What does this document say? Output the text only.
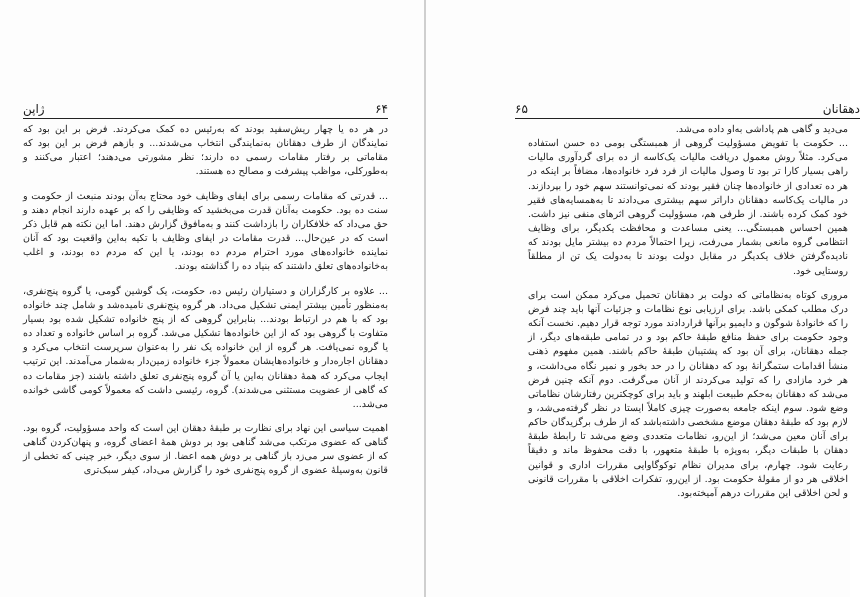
ژاپن	۶۴

در هر ده یا چهار ریش‌سفید بودند که به‌رئیس ده کمک می‌کردند. فرض بر این بود که نمایندگان از طرف دهقانان به‌نمایندگی انتخاب می‌شدند... و بازهم فرض بر این بود که مقاماتی بر رفتار مقامات رسمی ده دارند؛ نظر مشورتی می‌دهند؛ اعتبار می‌کنند و به‌طورکلی، مواظب پیشرفت و مصالح ده هستند.

... قدرتی که مقامات رسمی برای ایفای وظایف خود محتاج به‌آن بودند منبعث از حکومت و سنت ده بود. حکومت به‌آنان قدرت می‌بخشید که وظایفی را که بر عهده دارند انجام دهند و حق می‌داد که خلافکاران را بازداشت کنند و به‌مافوق گزارش دهند. اما این نکته هم قابل ذکر است که در عین‌حال... قدرت مقامات در ایفای وظایف با تکیه به‌این واقعیت بود که آنان نماینده خانواده‌های مورد احترام مردم ده بودند، یا این که مردم ده بودند، و اغلب به‌خانواده‌های تعلق داشتند که بنیاد ده را گذاشته بودند.

... علاوه بر کارگزاران و دستیاران رئیس ده، حکومت، یک گوشین گومی، یا گروه پنج‌نفری، به‌منظور تأمین بیشتر ایمنی تشکیل می‌داد. هر گروه پنج‌نفری نامیده‌شد و شامل چند خانواده بود که با هم در ارتباط بودند... بنابراین گروهی که از پنج خانواده تشکیل شده بود بسیار متفاوت با گروهی بود که از این خانواده‌ها تشکیل می‌شد. گروه بر اساس خانواده و تعداد ده یا گروه نمی‌یافت. هر گروه از این خانواده یک نفر را به‌عنوان سرپرست انتخاب می‌کرد و دهقانان اجاره‌دار و خانواده‌هایشان معمولاً جزء خانواده زمین‌دار به‌شمار می‌آمدند. این ترتیب ایجاب می‌کرد که همهٔ دهقانان به‌این یا آن گروه پنج‌نفری تعلق داشته باشند (جز مقامات ده که گاهی از عضویت مستثنی می‌شدند). گروه، رئیسی داشت که معمولاً کومی گاشی خوانده می‌شد...

اهمیت سیاسی این نهاد برای نظارت بر طبقهٔ دهقان این است که واحد مسؤولیت، گروه بود. گناهی که عضوی مرتکب می‌شد گناهی بود بر دوش همهٔ اعضای گروه، و پنهان‌کردن گناهی که از عضوی سر می‌زد باز گناهی بر دوش همه اعضا. از سوی دیگر، خبر چینی که تخطی از قانون به‌وسیلهٔ عضوی از گروه پنج‌نفری خود را گزارش می‌داد، کیفر سبک‌تری

۶۵	دهقانان

می‌دید و گاهی هم پاداشی به‌او داده می‌شد.

... حکومت با تفویض مسؤولیت گروهی از همبستگی بومی ده حسن استفاده می‌کرد. مثلاً روش معمول دریافت مالیات یک‌کاسه از ده برای گردآوری مالیات راهی بسیار کارا تر بود تا وصول مالیات از فرد فرد خانواده‌ها، مضافاً بر اینکه در هر ده تعدادی از خانواده‌ها چنان فقیر بودند که نمی‌توانستند سهم خود را بپردازند. در مالیات یک‌کاسه دهقانان دارا‌تر سهم بیشتری می‌دادند تا به‌همسایه‌های فقیر خود کمک کرده باشند. از طرفی هم، مسؤولیت گروهی اثرهای منفی نیز داشت. همین احساس همبستگی... یعنی مساعدت و محافظت یکدیگر، برای وظایف انتظامی گروه مانعی بشمار می‌رفت، زیرا احتمالاً مردم ده بیشتر مایل بودند که نادیده‌گرفتن خلاف یکدیگر در مقابل دولت بودند تا به‌دولت یک تن از مطلقاً روستایی خود.

مروری کوتاه به‌نظاماتی که دولت بر دهقانان تحمیل می‌کرد ممکن است برای درک مطلب کمکی باشد. برای ارزیابی نوع نظامات و جزئیات آنها باید چند فرض را که خانوادهٔ شوگون و دایمیو برآنها قراردادند مورد توجه قرار دهیم. نخست آنکه وجود حکومت برای حفظ منافع طبقهٔ حاکم بود و در تمامی طبقه‌های دیگر، از جمله دهقانان، برای آن بود که پشتیبان طبقهٔ حاکم باشند. همین مفهوم ذهنی منشأ اقدامات ستمگرانهٔ بود که دهقانان را در حد بخور و نمیر نگاه می‌داشت، و هر خرد مازادی را که تولید می‌کردند از آنان می‌گرفت. دوم آنکه چنین فرض می‌شد که دهقانان به‌حکم طبیعت ابلهند و باید برای کوچکترین رفتارشان نظاماتی وضع شود. سوم اینکه جامعه به‌صورت چیزی کاملاً ایستا در نظر گرفته‌می‌شد، و لازم بود که طبقهٔ دهقان موضع مشخصی داشته‌باشد که از طرف برگزیدگان حاکم برای آنان معین می‌شد؛ از این‌رو، نظامات متعددی وضع می‌شد تا رابطهٔ طبقهٔ دهقان با طبقات دیگر، به‌ویژه با طبقهٔ متعهور، با دقت محفوظ ماند و دقیقاً رعایت شود. چهارم، برای مدیران نظام توکوگاوایی مقررات اداری و قوانین اخلاقی هر دو از مقولهٔ حکومت بود. از این‌رو، تفکرات اخلاقی با مقررات قانونی و لحن اخلاقی این مقررات درهم آمیخته‌بود.
